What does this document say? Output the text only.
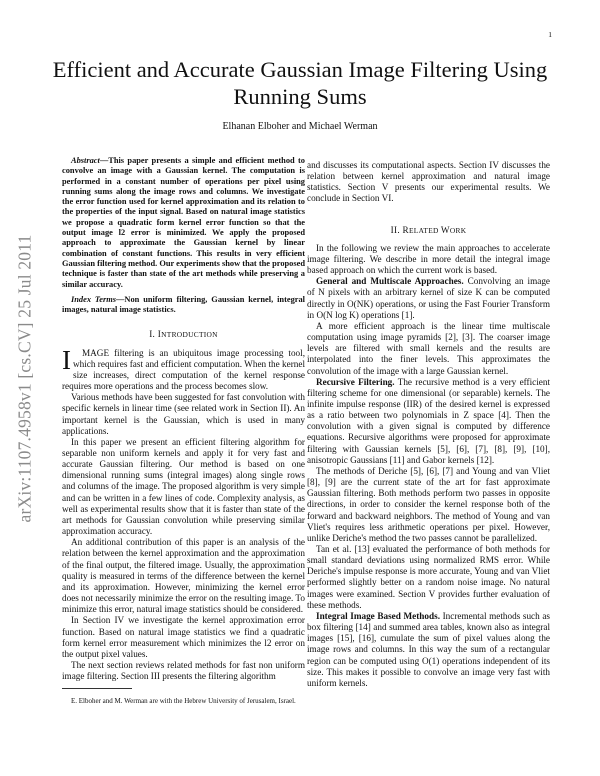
1
Efficient and Accurate Gaussian Image Filtering Using Running Sums
Elhanan Elboher and Michael Werman
arXiv:1107.4958v1 [cs.CV] 25 Jul 2011

Abstract—This paper presents a simple and efficient method to convolve an image with a Gaussian kernel. The computation is performed in a constant number of operations per pixel using running sums along the image rows and columns. We investigate the error function used for kernel approximation and its relation to the properties of the input signal. Based on natural image statistics we propose a quadratic form kernel error function so that the output image l2 error is minimized. We apply the proposed approach to approximate the Gaussian kernel by linear combination of constant functions. This results in very efficient Gaussian filtering method. Our experiments show that the proposed technique is faster than state of the art methods while preserving a similar accuracy.

Index Terms—Non uniform filtering, Gaussian kernel, integral images, natural image statistics.

I. INTRODUCTION

I MAGE filtering is an ubiquitous image processing tool, which requires fast and efficient computation. When the kernel size increases, direct computation of the kernel response requires more operations and the process becomes slow.

Various methods have been suggested for fast convolution with specific kernels in linear time (see related work in Section II). An important kernel is the Gaussian, which is used in many applications.

In this paper we present an efficient filtering algorithm for separable non uniform kernels and apply it for very fast and accurate Gaussian filtering. Our method is based on one dimensional running sums (integral images) along single rows and columns of the image. The proposed algorithm is very simple and can be written in a few lines of code. Complexity analysis, as well as experimental results show that it is faster than state of the art methods for Gaussian convolution while preserving similar approximation accuracy.

An additional contribution of this paper is an analysis of the relation between the kernel approximation and the approximation of the final output, the filtered image. Usually, the approximation quality is measured in terms of the difference between the kernel and its approximation. However, minimizing the kernel error does not necessarily minimize the error on the resulting image. To minimize this error, natural image statistics should be considered.

In Section IV we investigate the kernel approximation error function. Based on natural image statistics we find a quadratic form kernel error measurement which minimizes the l2 error on the output pixel values.

The next section reviews related methods for fast non uniform image filtering. Section III presents the filtering algorithm

E. Elboher and M. Werman are with the Hebrew University of Jerusalem, Israel.

and discusses its computational aspects. Section IV discusses the relation between kernel approximation and natural image statistics. Section V presents our experimental results. We conclude in Section VI.

II. RELATED WORK

In the following we review the main approaches to accelerate image filtering. We describe in more detail the integral image based approach on which the current work is based.

General and Multiscale Approaches. Convolving an image of N pixels with an arbitrary kernel of size K can be computed directly in O(NK) operations, or using the Fast Fourier Transform in O(N log K) operations [1].

A more efficient approach is the linear time multiscale computation using image pyramids [2], [3]. The coarser image levels are filtered with small kernels and the results are interpolated into the finer levels. This approximates the convolution of the image with a large Gaussian kernel.

Recursive Filtering. The recursive method is a very efficient filtering scheme for one dimensional (or separable) kernels. The infinite impulse response (IIR) of the desired kernel is expressed as a ratio between two polynomials in Z space [4]. Then the convolution with a given signal is computed by difference equations. Recursive algorithms were proposed for approximate filtering with Gaussian kernels [5], [6], [7], [8], [9], [10], anisotropic Gaussians [11] and Gabor kernels [12].

The methods of Deriche [5], [6], [7] and Young and van Vliet [8], [9] are the current state of the art for fast approximate Gaussian filtering. Both methods perform two passes in opposite directions, in order to consider the kernel response both of the forward and backward neighbors. The method of Young and van Vliet's requires less arithmetic operations per pixel. However, unlike Deriche's method the two passes cannot be parallelized.

Tan et al. [13] evaluated the performance of both methods for small standard deviations using normalized RMS error. While Deriche's impulse response is more accurate, Young and van Vliet performed slightly better on a random noise image. No natural images were examined. Section V provides further evaluation of these methods.

Integral Image Based Methods. Incremental methods such as box filtering [14] and summed area tables, known also as integral images [15], [16], cumulate the sum of pixel values along the image rows and columns. In this way the sum of a rectangular region can be computed using O(1) operations independent of its size. This makes it possible to convolve an image very fast with uniform kernels.
